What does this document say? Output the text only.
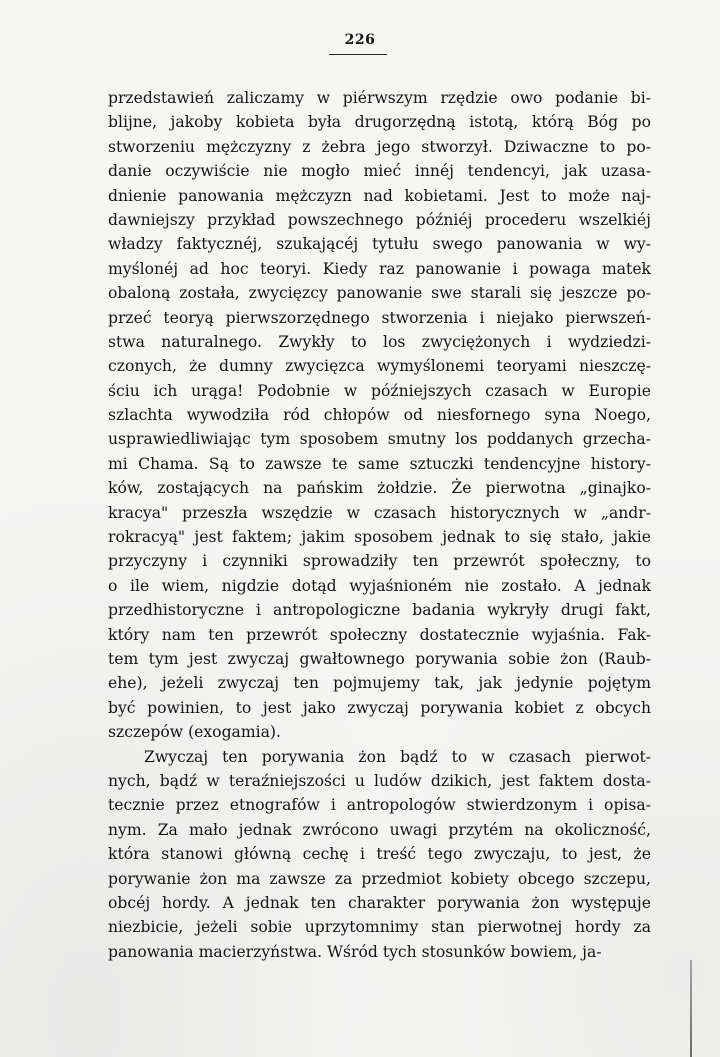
226
przedstawień zaliczamy w piérwszym rzędzie owo podanie bi-
blijne, jakoby kobieta była drugorzędną istotą, którą Bóg po
stworzeniu mężczyzny z żebra jego stworzył. Dziwaczne to po-
danie oczywiście nie mogło mieć innéj tendencyi, jak uzasa-
dnienie panowania mężczyzn nad kobietami. Jest to może naj-
dawniejszy przykład powszechnego późniéj procederu wszelkiéj
władzy faktycznéj, szukającéj tytułu swego panowania w wy-
myślonéj ad hoc teoryi. Kiedy raz panowanie i powaga matek
obaloną została, zwycięzcy panowanie swe starali się jeszcze po-
przeć teoryą pierwszorzędnego stworzenia i niejako pierwszeń-
stwa naturalnego. Zwykły to los zwyciężonych i wydziedzi-
czonych, że dumny zwycięzca wymyślonemi teoryami nieszczę-
ściu ich urąga! Podobnie w późniejszych czasach w Europie
szlachta wywodziła ród chłopów od niesfornego syna Noego,
usprawiedliwiając tym sposobem smutny los poddanych grzecha-
mi Chama. Są to zawsze te same sztuczki tendencyjne history-
ków, zostających na pańskim żołdzie. Że pierwotna „ginajko-
kracya" przeszła wszędzie w czasach historycznych w „andr-
rokracyą" jest faktem; jakim sposobem jednak to się stało, jakie
przyczyny i czynniki sprowadziły ten przewrót społeczny, to
o ile wiem, nigdzie dotąd wyjaśnioném nie zostało. A jednak
przedhistoryczne i antropologiczne badania wykryły drugi fakt,
który nam ten przewrót społeczny dostatecznie wyjaśnia. Fak-
tem tym jest zwyczaj gwałtownego porywania sobie żon (Raub-
ehe), jeżeli zwyczaj ten pojmujemy tak, jak jedynie pojętym
być powinien, to jest jako zwyczaj porywania kobiet z obcych
szczepów (exogamia).
Zwyczaj ten porywania żon bądź to w czasach pierwot-
nych, bądź w teraźniejszości u ludów dzikich, jest faktem dosta-
tecznie przez etnografów i antropologów stwierdzonym i opisa-
nym. Za mało jednak zwrócono uwagi przytém na okoliczność,
która stanowi główną cechę i treść tego zwyczaju, to jest, że
porywanie żon ma zawsze za przedmiot kobiety obcego szczepu,
obcéj hordy. A jednak ten charakter porywania żon występuje
niezbicie, jeżeli sobie uprzytomnimy stan pierwotnej hordy za
panowania macierzyństwa. Wśród tych stosunków bowiem, ja-
